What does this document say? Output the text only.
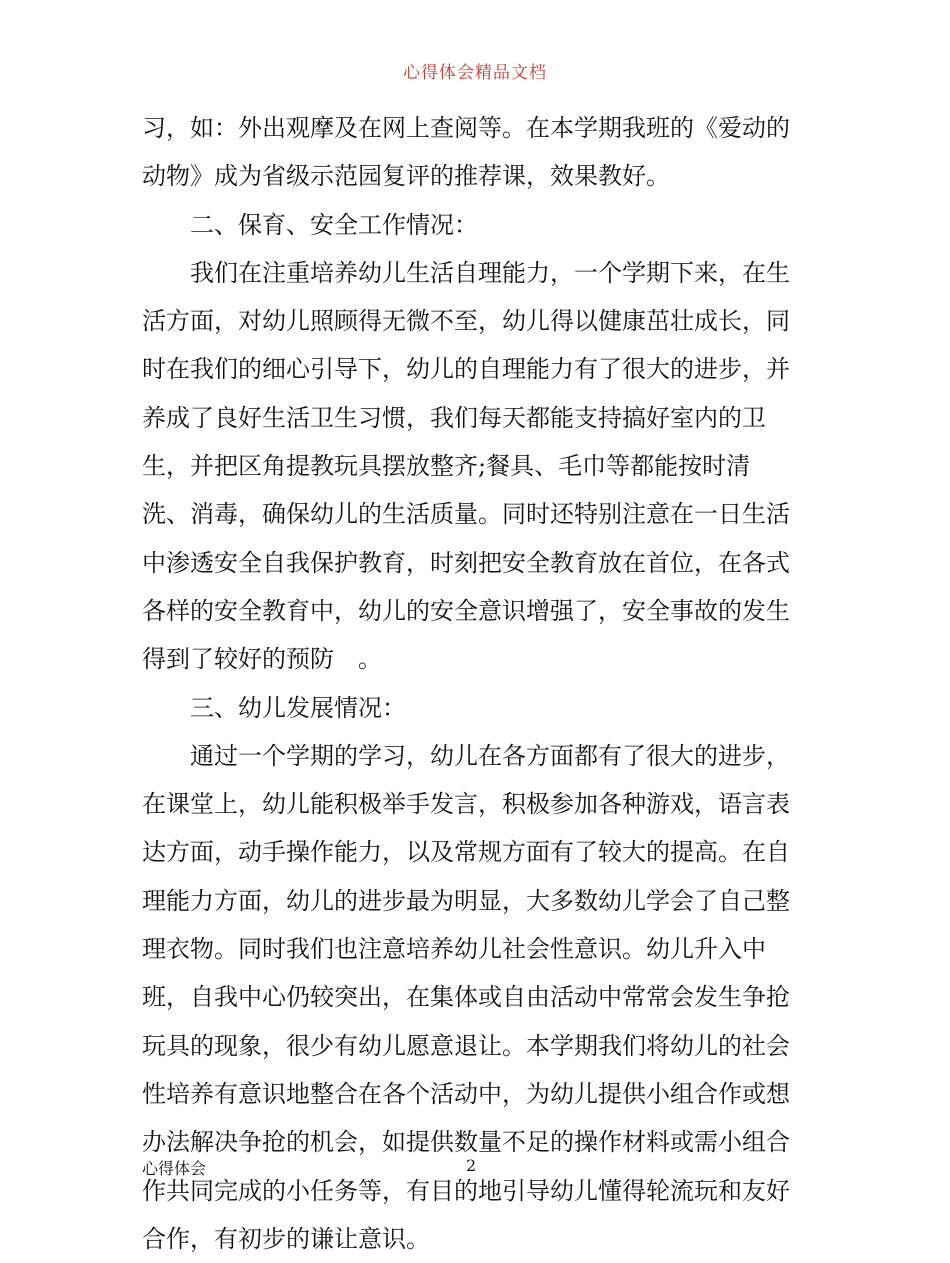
心得体会精品文档
习，如：外出观摩及在网上查阅等。在本学期我班的《爱动的
动物》成为省级示范园复评的推荐课，效果教好。
二、保育、安全工作情况：
我们在注重培养幼儿生活自理能力，一个学期下来，在生
活方面，对幼儿照顾得无微不至，幼儿得以健康茁壮成长，同
时在我们的细心引导下，幼儿的自理能力有了很大的进步，并
养成了良好生活卫生习惯，我们每天都能支持搞好室内的卫
生，并把区角提教玩具摆放整齐;餐具、毛巾等都能按时清
洗、消毒，确保幼儿的生活质量。同时还特别注意在一日生活
中渗透安全自我保护教育，时刻把安全教育放在首位，在各式
各样的安全教育中，幼儿的安全意识增强了，安全事故的发生
得到了较好的预防　。
三、幼儿发展情况：
通过一个学期的学习，幼儿在各方面都有了很大的进步，
在课堂上，幼儿能积极举手发言，积极参加各种游戏，语言表
达方面，动手操作能力，以及常规方面有了较大的提高。在自
理能力方面，幼儿的进步最为明显，大多数幼儿学会了自己整
理衣物。同时我们也注意培养幼儿社会性意识。幼儿升入中
班，自我中心仍较突出，在集体或自由活动中常常会发生争抢
玩具的现象，很少有幼儿愿意退让。本学期我们将幼儿的社会
性培养有意识地整合在各个活动中，为幼儿提供小组合作或想
办法解决争抢的机会，如提供数量不足的操作材料或需小组合
作共同完成的小任务等，有目的地引导幼儿懂得轮流玩和友好
合作，有初步的谦让意识。
心得体会	2
